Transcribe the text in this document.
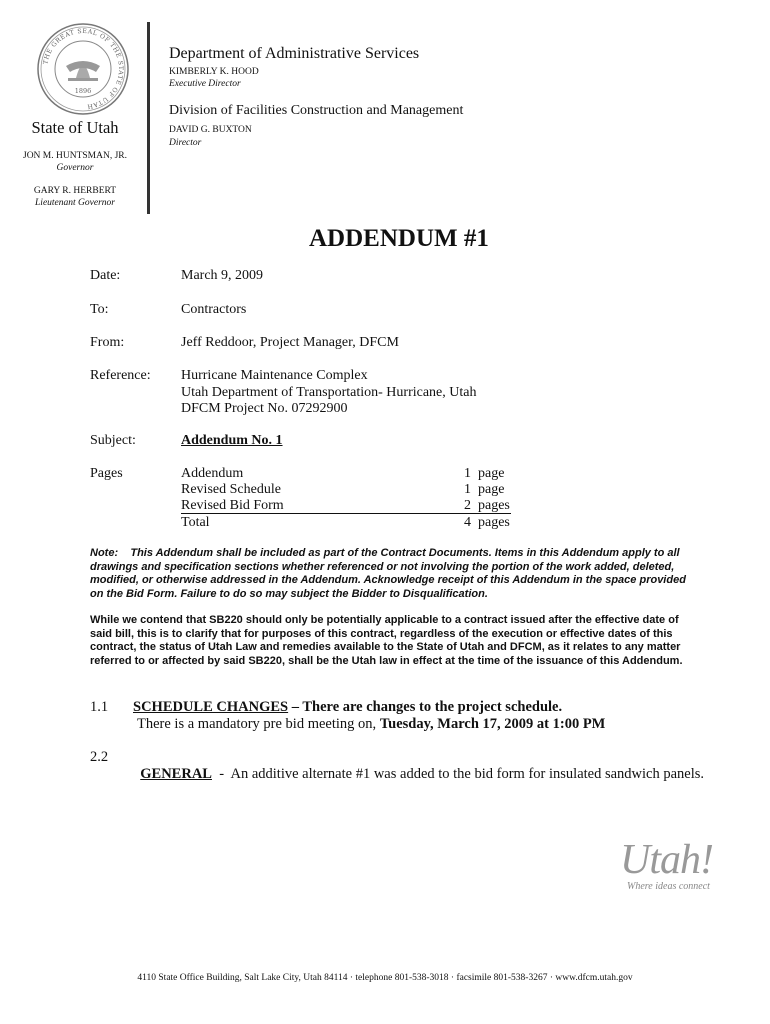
THE GREAT SEAL OF THE STATE OF UTAH
1896
State of Utah
JON M. HUNTSMAN, JR.
Governor
GARY R. HERBERT
Lieutenant Governor
Department of Administrative Services
KIMBERLY K. HOOD
Executive Director
Division of Facilities Construction and Management
DAVID G. BUXTON
Director
ADDENDUM #1
Date:	March 9, 2009
To:	Contractors
From:	Jeff Reddoor, Project Manager, DFCM
Reference: Hurricane Maintenance Complex
Utah Department of Transportation- Hurricane, Utah
DFCM Project No. 07292900
Subject:	Addendum No. 1
Pages	Addendum	1 page
Revised Schedule	1 page
Revised Bid Form	2 pages
Total	4 pages
Note: This Addendum shall be included as part of the Contract Documents. Items in this Addendum apply to all drawings and specification sections whether referenced or not involving the portion of the work added, deleted, modified, or otherwise addressed in the Addendum. Acknowledge receipt of this Addendum in the space provided on the Bid Form. Failure to do so may subject the Bidder to Disqualification.
While we contend that SB220 should only be potentially applicable to a contract issued after the effective date of said bill, this is to clarify that for purposes of this contract, regardless of the execution or effective dates of this contract, the status of Utah Law and remedies available to the State of Utah and DFCM, as it relates to any matter referred to or affected by said SB220, shall be the Utah law in effect at the time of the issuance of this Addendum.
1.1 SCHEDULE CHANGES – There are changes to the project schedule.
There is a mandatory pre bid meeting on, Tuesday, March 17, 2009 at 1:00 PM
2.2

GENERAL  -  An additive alternate #1 was added to the bid form for insulated sandwich panels.

Utah!
Where ideas connect
4110 State Office Building, Salt Lake City, Utah 84114 · telephone 801-538-3018 · facsimile 801-538-3267 · www.dfcm.utah.gov
